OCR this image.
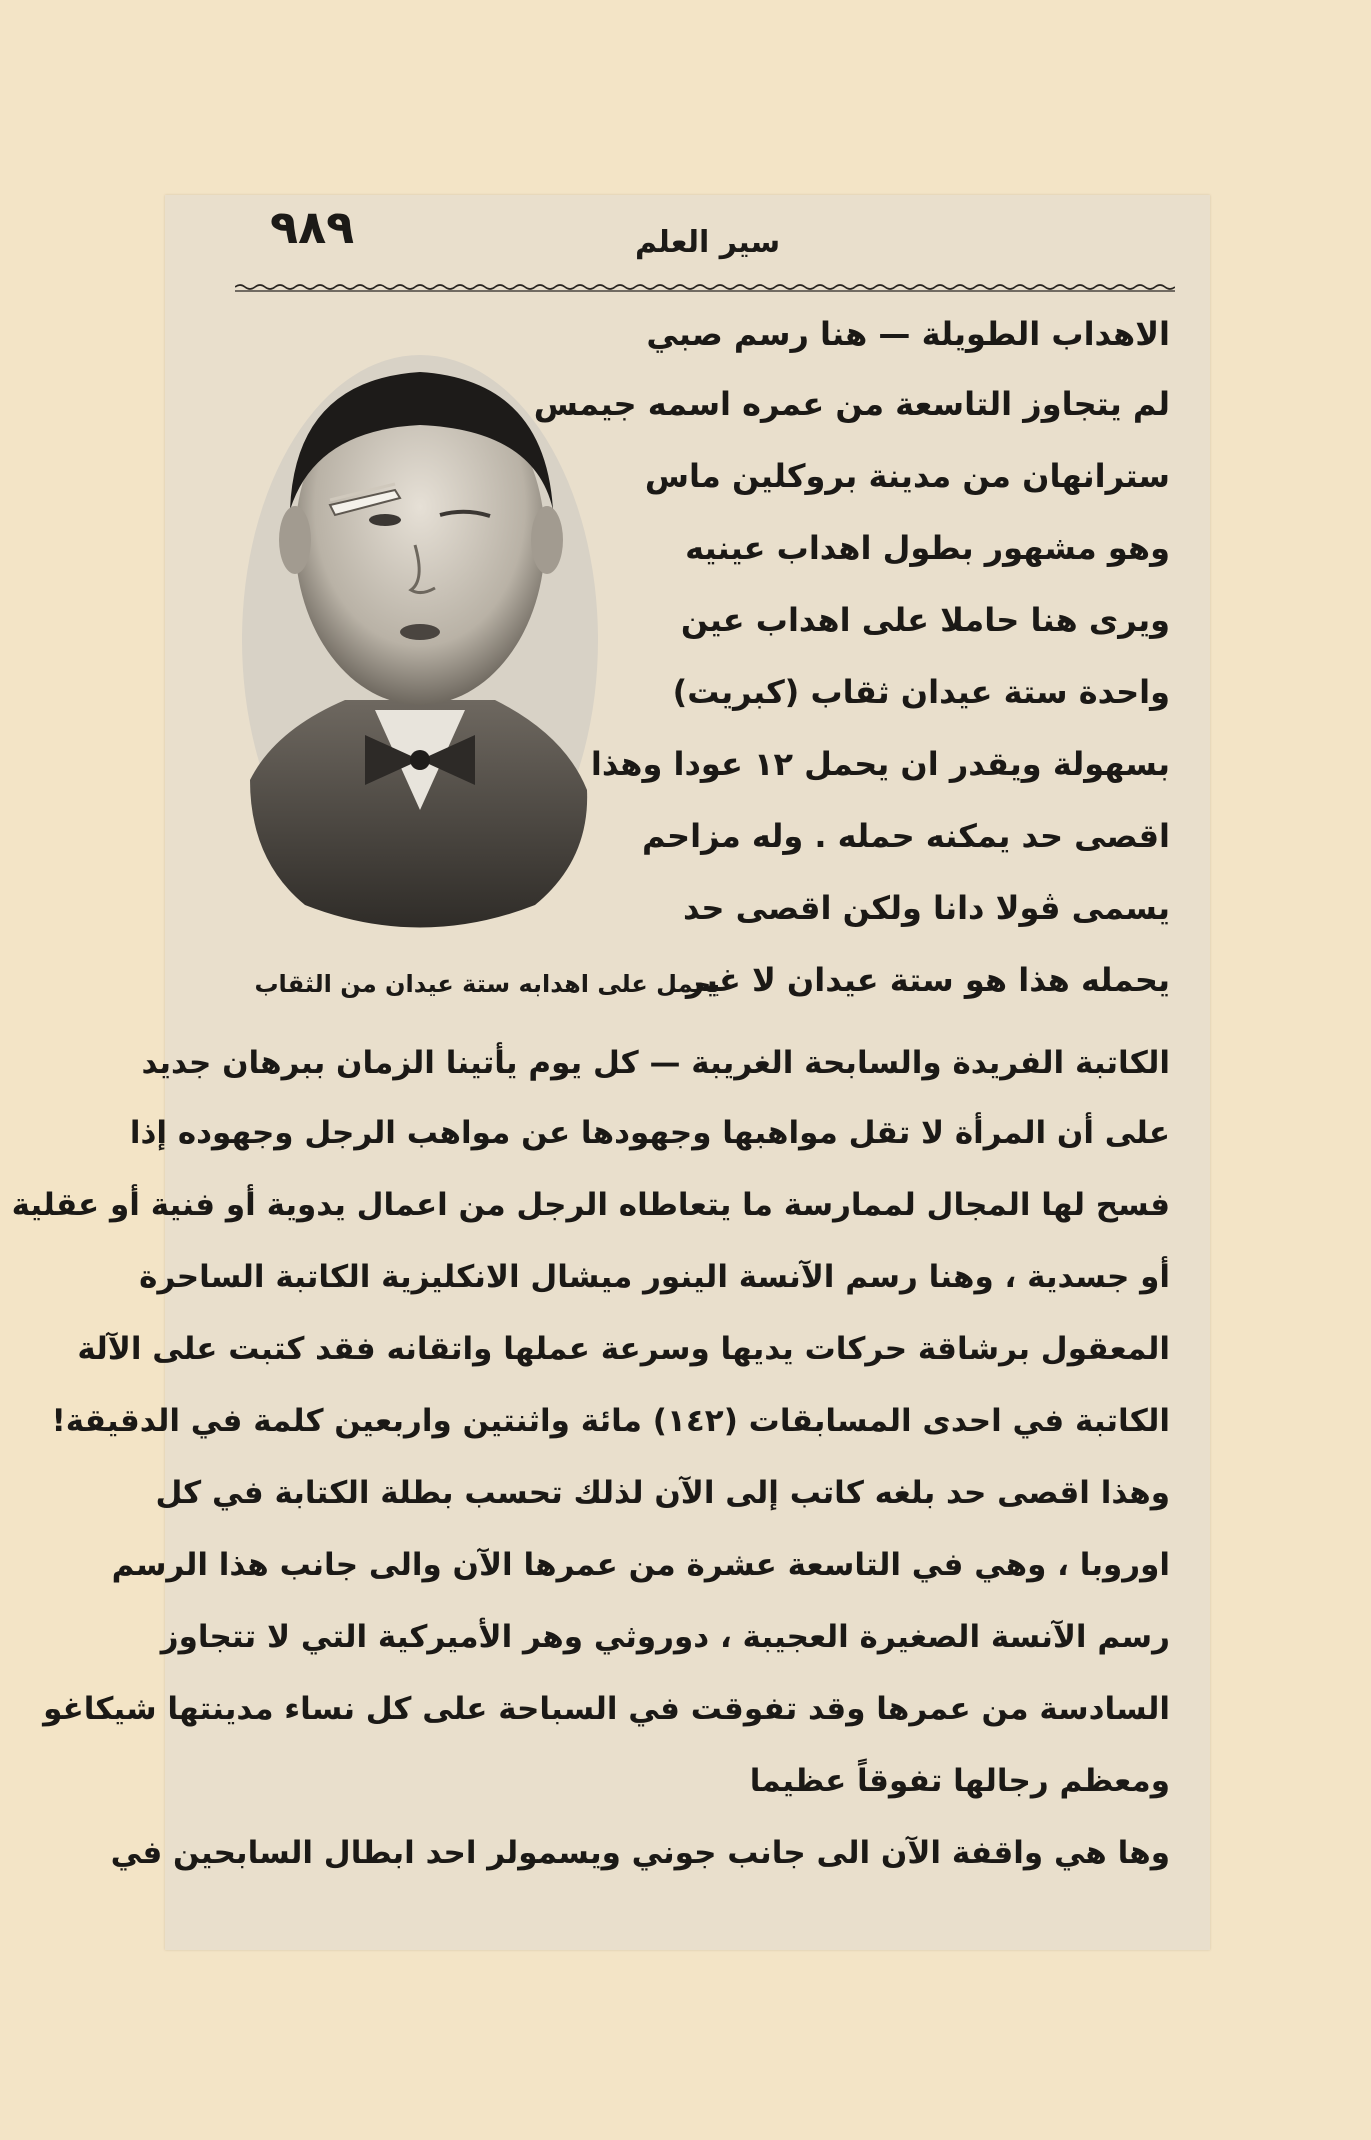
٩٨٩	سير العلم
الاهداب الطويلة — هنا رسم صبي
لم يتجاوز التاسعة من عمره اسمه جيمس
سترانهان من مدينة بروكلين ماس
وهو مشهور بطول اهداب عينيه
ويرى هنا حاملا على اهداب عين
واحدة ستة عيدان ثقاب (كبريت)
بسهولة ويقدر ان يحمل ١٢ عودا وهذا
اقصى حد يمكنه حمله . وله مزاحم
يسمى ڤولا دانا ولكن اقصى حد
يحمله هذا هو ستة عيدان لا غير
يحمل على اهدابه ستة عيدان من الثقاب
الكاتبة الفريدة والسابحة الغريبة — كل يوم يأتينا الزمان ببرهان جديد
على أن المرأة لا تقل مواهبها وجهودها عن مواهب الرجل وجهوده إذا
فسح لها المجال لممارسة ما يتعاطاه الرجل من اعمال يدوية أو فنية أو عقلية
أو جسدية ، وهنا رسم الآنسة الينور ميشال الانكليزية الكاتبة الساحرة
المعقول برشاقة حركات يديها وسرعة عملها واتقانه فقد كتبت على الآلة
الكاتبة في احدى المسابقات (١٤٢) مائة واثنتين واربعين كلمة في الدقيقة!
وهذا اقصى حد بلغه كاتب إلى الآن لذلك تحسب بطلة الكتابة في كل
اوروبا ، وهي في التاسعة عشرة من عمرها الآن والى جانب هذا الرسم
رسم الآنسة الصغيرة العجيبة ، دوروثي وهر الأميركية التي لا تتجاوز
السادسة من عمرها وقد تفوقت في السباحة على كل نساء مدينتها شيكاغو
ومعظم رجالها تفوقاً عظيما
وها هي واقفة الآن الى جانب جوني ويسمولر احد ابطال السابحين في
